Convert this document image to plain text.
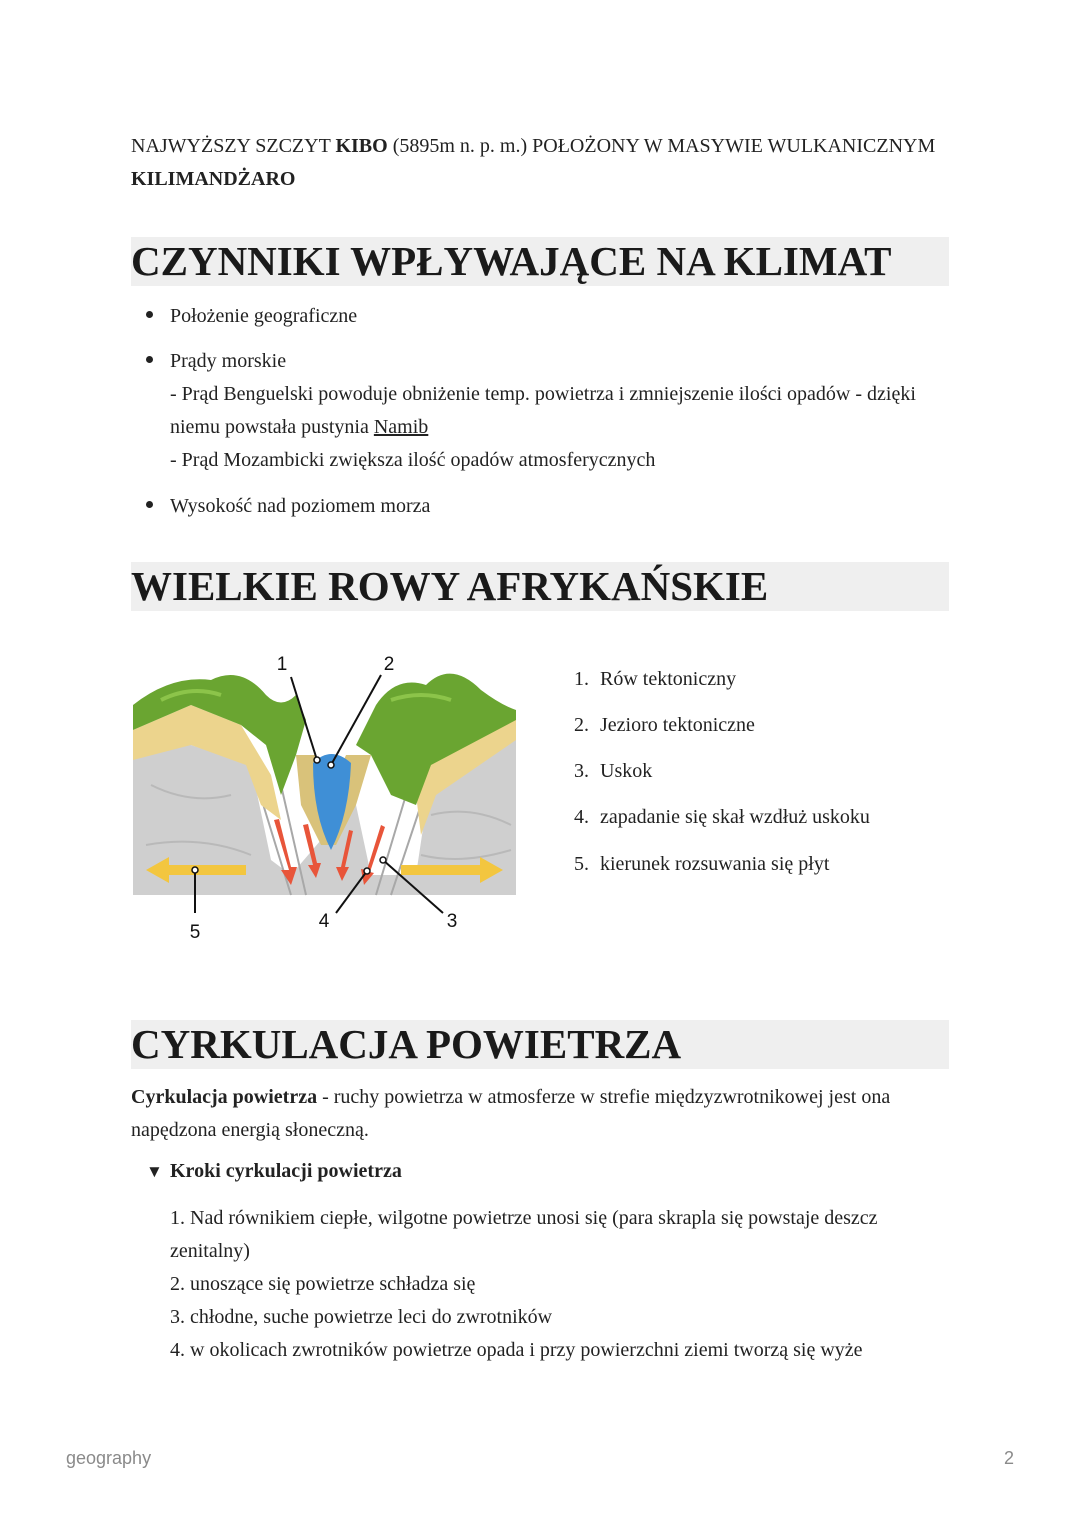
NAJWYŻSZY SZCZYT KIBO (5895m n. p. m.) POŁOŻONY W MASYWIE WULKANICZNYM KILIMANDŻARO
CZYNNIKI WPŁYWAJĄCE NA KLIMAT
Położenie geograficzne
Prądy morskie
- Prąd Benguelski powoduje obniżenie temp. powietrza i zmniejszenie ilości opadów - dzięki niemu powstała pustynia Namib
- Prąd Mozambicki zwiększa ilość opadów atmosferycznych
Wysokość nad poziomem morza
WIELKIE ROWY AFRYKAŃSKIE
1	2
3
4
5
1. Rów tektoniczny
2. Jezioro tektoniczne
3. Uskok
4. zapadanie się skał wzdłuż uskoku
5. kierunek rozsuwania się płyt
CYRKULACJA POWIETRZA
Cyrkulacja powietrza - ruchy powietrza w atmosferze w strefie międzyzwrotnikowej jest ona napędzona energią słoneczną.
▼ Kroki cyrkulacji powietrza
1. Nad równikiem ciepłe, wilgotne powietrze unosi się (para skrapla się powstaje deszcz zenitalny)
2. unoszące się powietrze schładza się
3. chłodne, suche powietrze leci do zwrotników
4. w okolicach zwrotników powietrze opada i przy powierzchni ziemi tworzą się wyże
geography	2
